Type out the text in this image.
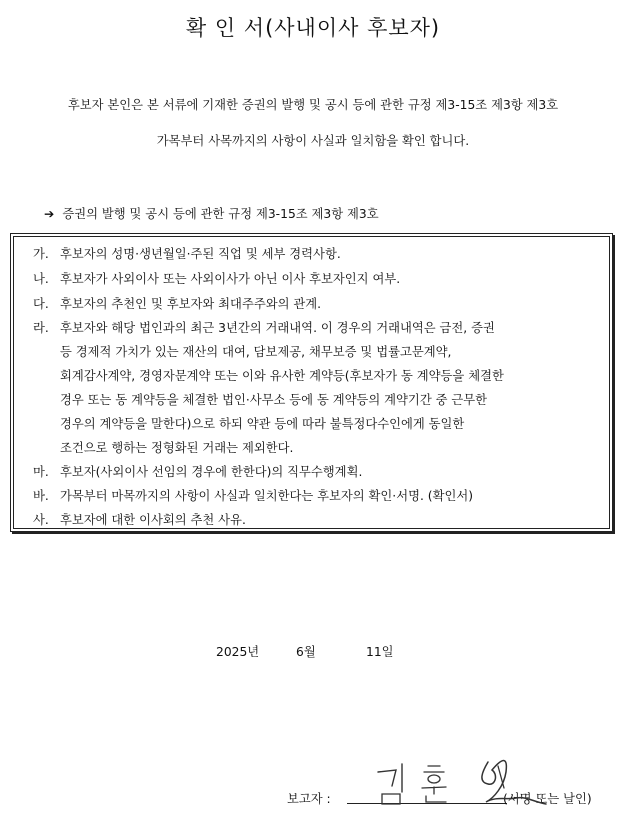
확 인 서(사내이사 후보자)
후보자 본인은 본 서류에 기재한 증권의 발행 및 공시 등에 관한 규정 제3-15조 제3항 제3호
가목부터 사목까지의 사항이 사실과 일치함을 확인 합니다.
➔ 증권의 발행 및 공시 등에 관한 규정 제3-15조 제3항 제3호
가. 후보자의 성명·생년월일·주된 직업 및 세부 경력사항.
나. 후보자가 사외이사 또는 사외이사가 아닌 이사 후보자인지 여부.
다. 후보자의 추천인 및 후보자와 최대주주와의 관계.
라. 후보자와 해당 법인과의 최근 3년간의 거래내역. 이 경우의 거래내역은 금전, 증권
등 경제적 가치가 있는 재산의 대여, 담보제공, 채무보증 및 법률고문계약,
회계감사계약, 경영자문계약 또는 이와 유사한 계약등(후보자가 동 계약등을 체결한
경우 또는 동 계약등을 체결한 법인·사무소 등에 동 계약등의 계약기간 중 근무한
경우의 계약등을 말한다)으로 하되 약관 등에 따라 불특정다수인에게 동일한
조건으로 행하는 정형화된 거래는 제외한다.
마. 후보자(사외이사 선임의 경우에 한한다)의 직무수행계획.
바. 가목부터 마목까지의 사항이 사실과 일치한다는 후보자의 확인·서명. (확인서)
사. 후보자에 대한 이사회의 추천 사유.
2025년	6월	11일
보고자 :	(서명 또는 날인)
